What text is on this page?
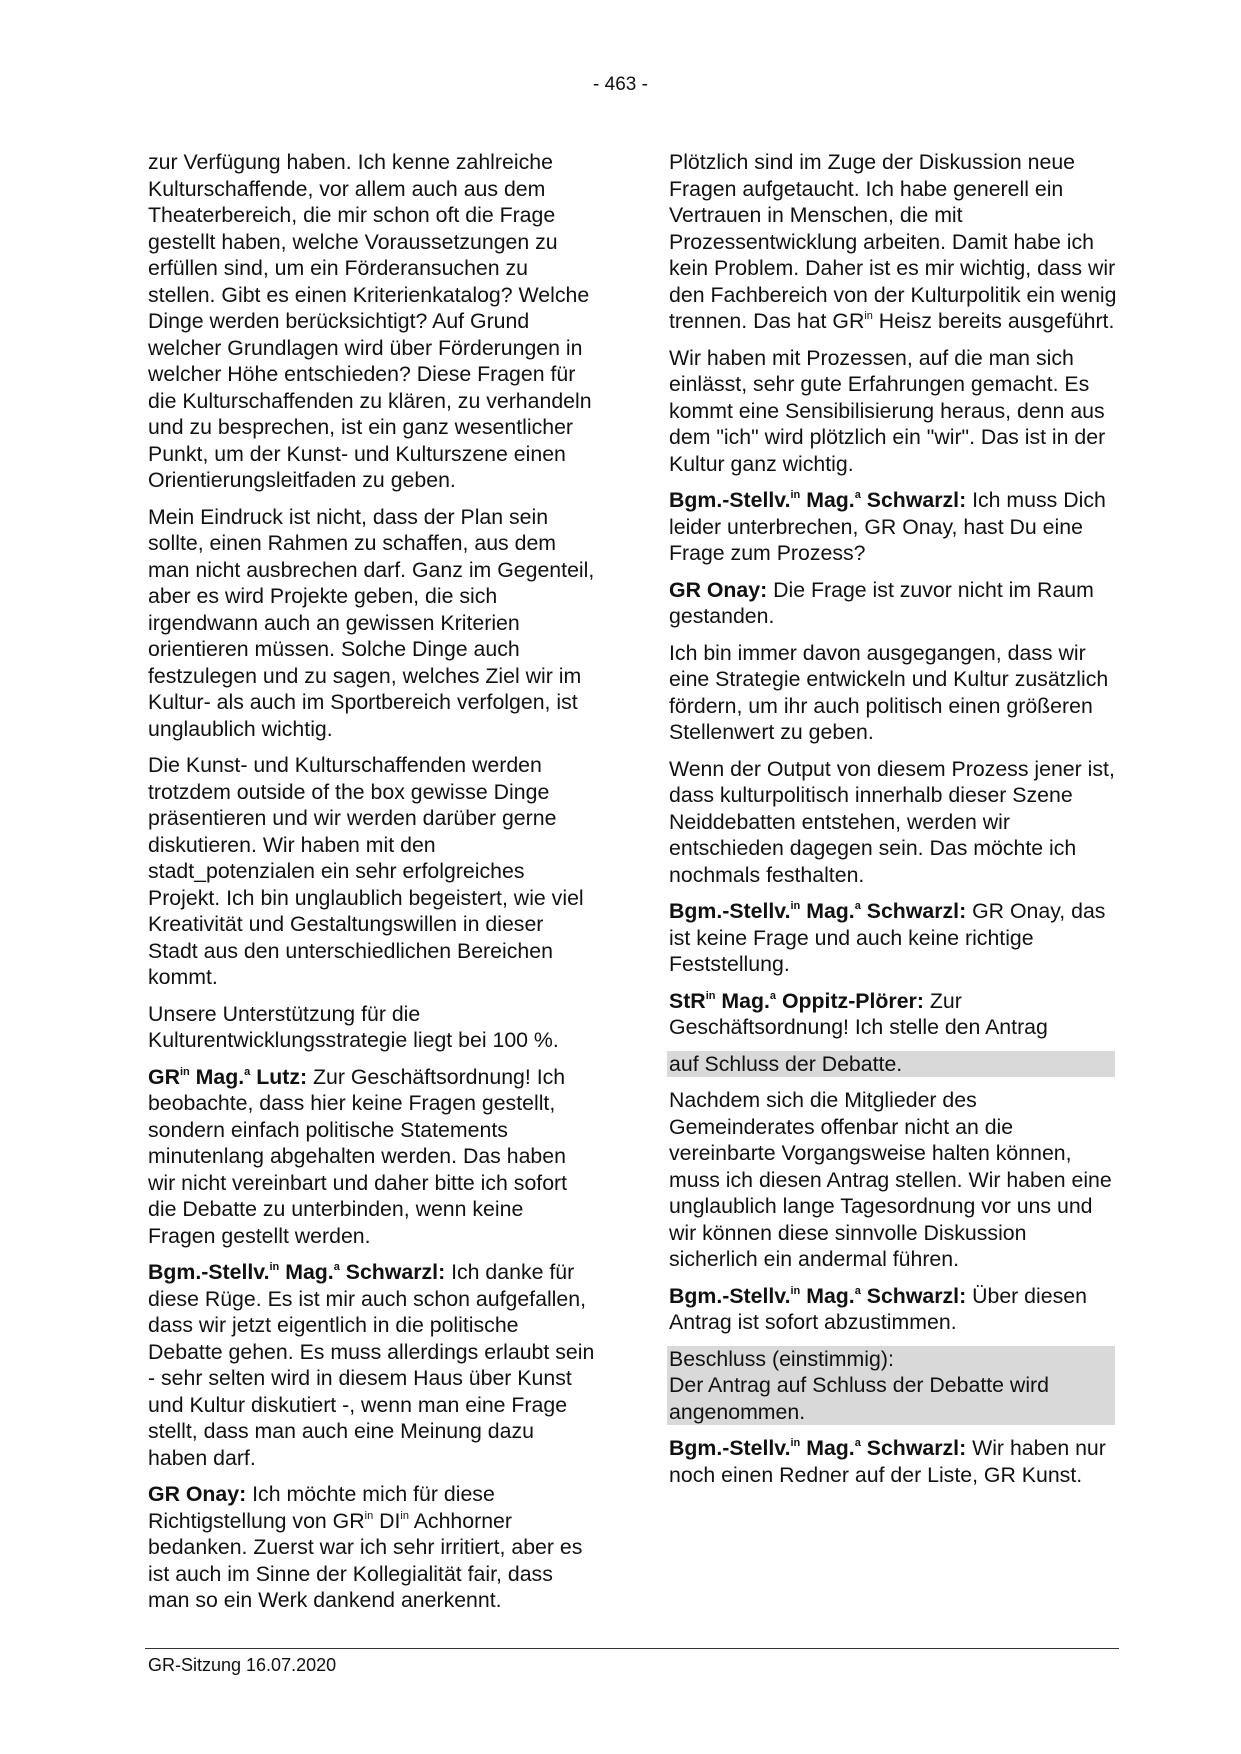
- 463 -

zur Verfügung haben. Ich kenne zahlreiche Kulturschaffende, vor allem auch aus dem Theaterbereich, die mir schon oft die Frage gestellt haben, welche Voraussetzungen zu erfüllen sind, um ein Förderansuchen zu stellen. Gibt es einen Kriterienkatalog? Welche Dinge werden berücksichtigt? Auf Grund welcher Grundlagen wird über Förderungen in welcher Höhe entschieden? Diese Fragen für die Kulturschaffenden zu klären, zu verhandeln und zu besprechen, ist ein ganz wesentlicher Punkt, um der Kunst- und Kulturszene einen Orientierungsleitfaden zu geben.

Mein Eindruck ist nicht, dass der Plan sein sollte, einen Rahmen zu schaffen, aus dem man nicht ausbrechen darf. Ganz im Gegenteil, aber es wird Projekte geben, die sich irgendwann auch an gewissen Kriterien orientieren müssen. Solche Dinge auch festzulegen und zu sagen, welches Ziel wir im Kultur- als auch im Sportbereich verfolgen, ist unglaublich wichtig.

Die Kunst- und Kulturschaffenden werden trotzdem outside of the box gewisse Dinge präsentieren und wir werden darüber gerne diskutieren. Wir haben mit den stadt_potenzialen ein sehr erfolgreiches Projekt. Ich bin unglaublich begeistert, wie viel Kreativität und Gestaltungswillen in dieser Stadt aus den unterschiedlichen Bereichen kommt.

Unsere Unterstützung für die Kulturentwicklungsstrategie liegt bei 100 %.

$GR^{in}$ Mag.$^a$ Lutz: Zur Geschäftsordnung! Ich beobachte, dass hier keine Fragen gestellt, sondern einfach politische Statements minutenlang abgehalten werden. Das haben wir nicht vereinbart und daher bitte ich sofort die Debatte zu unterbinden, wenn keine Fragen gestellt werden.

Bgm.-Stellv.$^{in}$ Mag.$^a$ Schwarzl: Ich danke für diese Rüge. Es ist mir auch schon aufgefallen, dass wir jetzt eigentlich in die politische Debatte gehen. Es muss allerdings erlaubt sein - sehr selten wird in diesem Haus über Kunst und Kultur diskutiert -, wenn man eine Frage stellt, dass man auch eine Meinung dazu haben darf.

GR Onay: Ich möchte mich für diese Richtigstellung von $GR^{in}$ $DI^{in}$ Achhorner bedanken. Zuerst war ich sehr irritiert, aber es ist auch im Sinne der Kollegialität fair, dass man so ein Werk dankend anerkennt.

Plötzlich sind im Zuge der Diskussion neue Fragen aufgetaucht. Ich habe generell ein Vertrauen in Menschen, die mit Prozessentwicklung arbeiten. Damit habe ich kein Problem. Daher ist es mir wichtig, dass wir den Fachbereich von der Kulturpolitik ein wenig trennen. Das hat $GR^{in}$ Heisz bereits ausgeführt.

Wir haben mit Prozessen, auf die man sich einlässt, sehr gute Erfahrungen gemacht. Es kommt eine Sensibilisierung heraus, denn aus dem "ich" wird plötzlich ein "wir". Das ist in der Kultur ganz wichtig.

Bgm.-Stellv.$^{in}$ Mag.$^a$ Schwarzl: Ich muss Dich leider unterbrechen, GR Onay, hast Du eine Frage zum Prozess?

GR Onay: Die Frage ist zuvor nicht im Raum gestanden.

Ich bin immer davon ausgegangen, dass wir eine Strategie entwickeln und Kultur zusätzlich fördern, um ihr auch politisch einen größeren Stellenwert zu geben.

Wenn der Output von diesem Prozess jener ist, dass kulturpolitisch innerhalb dieser Szene Neiddebatten entstehen, werden wir entschieden dagegen sein. Das möchte ich nochmals festhalten.

Bgm.-Stellv.$^{in}$ Mag.$^a$ Schwarzl: GR Onay, das ist keine Frage und auch keine richtige Feststellung.

StR$^{in}$ Mag.$^a$ Oppitz-Plörer: Zur Geschäftsordnung! Ich stelle den Antrag

auf Schluss der Debatte.

Nachdem sich die Mitglieder des Gemeinderates offenbar nicht an die vereinbarte Vorgangsweise halten können, muss ich diesen Antrag stellen. Wir haben eine unglaublich lange Tagesordnung vor uns und wir können diese sinnvolle Diskussion sicherlich ein andermal führen.

Bgm.-Stellv.$^{in}$ Mag.$^a$ Schwarzl: Über diesen Antrag ist sofort abzustimmen.

Beschluss (einstimmig):

Der Antrag auf Schluss der Debatte wird angenommen.

Bgm.-Stellv.$^{in}$ Mag.$^a$ Schwarzl: Wir haben nur noch einen Redner auf der Liste, GR Kunst.

GR-Sitzung 16.07.2020
